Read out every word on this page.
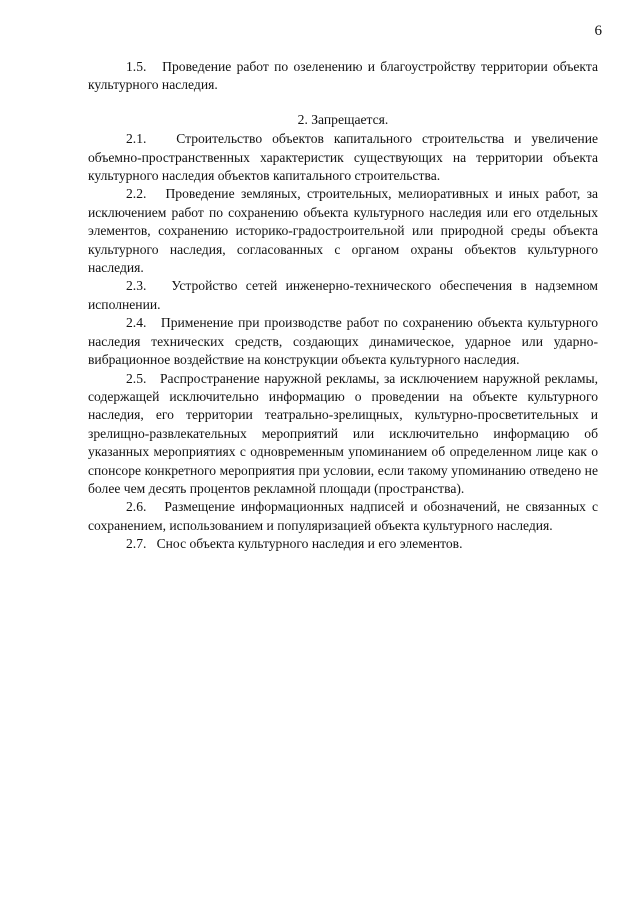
6

1.5.   Проведение работ по озеленению и благоустройству территории объекта культурного наследия.

2. Запрещается.

2.1.   Строительство объектов капитального строительства и увеличение объемно-пространственных характеристик существующих на территории объекта культурного наследия объектов капитального строительства.

2.2.   Проведение земляных, строительных, мелиоративных и иных работ, за исключением работ по сохранению объекта культурного наследия или его отдельных элементов, сохранению историко-градостроительной или природной среды объекта культурного наследия, согласованных с органом охраны объектов культурного наследия.

2.3.   Устройство сетей инженерно-технического обеспечения в надземном исполнении.

2.4.   Применение при производстве работ по сохранению объекта культурного наследия технических средств, создающих динамическое, ударное или ударно-вибрационное воздействие на конструкции объекта культурного наследия.

2.5.   Распространение наружной рекламы, за исключением наружной рекламы, содержащей исключительно информацию о проведении на объекте культурного наследия, его территории театрально-зрелищных, культурно-просветительных и зрелищно-развлекательных мероприятий или исключительно информацию об указанных мероприятиях с одновременным упоминанием об определенном лице как о спонсоре конкретного мероприятия при условии, если такому упоминанию отведено не более чем десять процентов рекламной площади (пространства).

2.6.   Размещение информационных надписей и обозначений, не связанных с сохранением, использованием и популяризацией объекта культурного наследия.

2.7.   Снос объекта культурного наследия и его элементов.
